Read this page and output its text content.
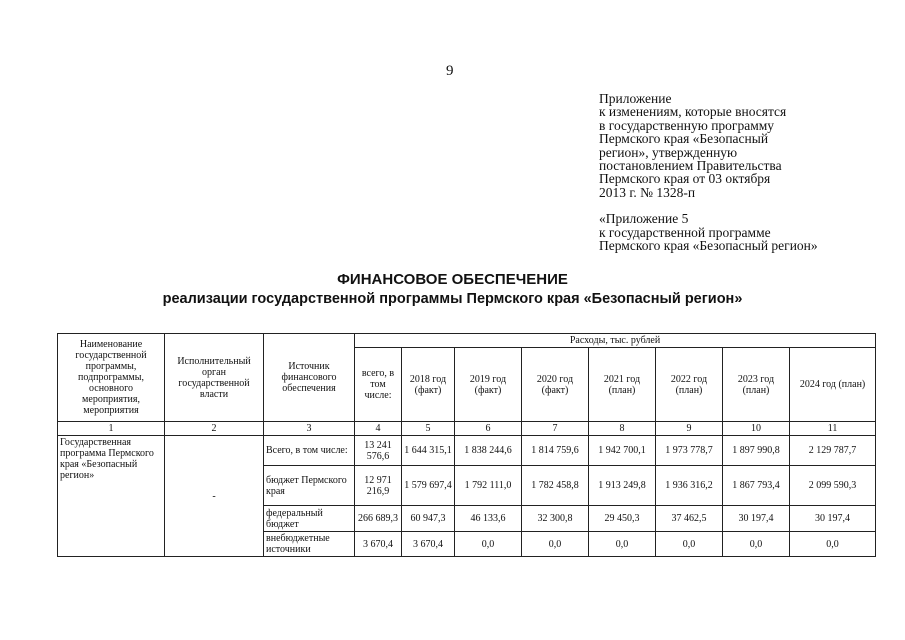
9
Приложение
к изменениям, которые вносятся
в государственную программу
Пермского края «Безопасный
регион», утвержденную
постановлением Правительства
Пермского края от 03 октября
2013 г. № 1328-п
«Приложение 5
к государственной программе
Пермского края «Безопасный регион»
ФИНАНСОВОЕ ОБЕСПЕЧЕНИЕ
реализации государственной программы Пермского края «Безопасный регион»
Наименование государственной программы, подпрограммы, основного мероприятия, мероприятия	Исполнительный орган государственной власти	Источник финансового обеспечения	Расходы, тыс. рублей							
			всего, в том числе:	2018 год (факт)	2019 год (факт)	2020 год (факт)	2021 год (план)	2022 год (план)	2023 год (план)	2024 год (план)
1	2	3	4	5	6	7	8	9	10	11
Государственная программа Пермского края «Безопасный регион»	-	Всего, в том числе:	13 241 576,6	1 644 315,1	1 838 244,6	1 814 759,6	1 942 700,1	1 973 778,7	1 897 990,8	2 129 787,7
		бюджет Пермского края	12 971 216,9	1 579 697,4	1 792 111,0	1 782 458,8	1 913 249,8	1 936 316,2	1 867 793,4	2 099 590,3
		федеральный бюджет	266 689,3	60 947,3	46 133,6	32 300,8	29 450,3	37 462,5	30 197,4	30 197,4
		внебюджетные источники	3 670,4	3 670,4	0,0	0,0	0,0	0,0	0,0	0,0
